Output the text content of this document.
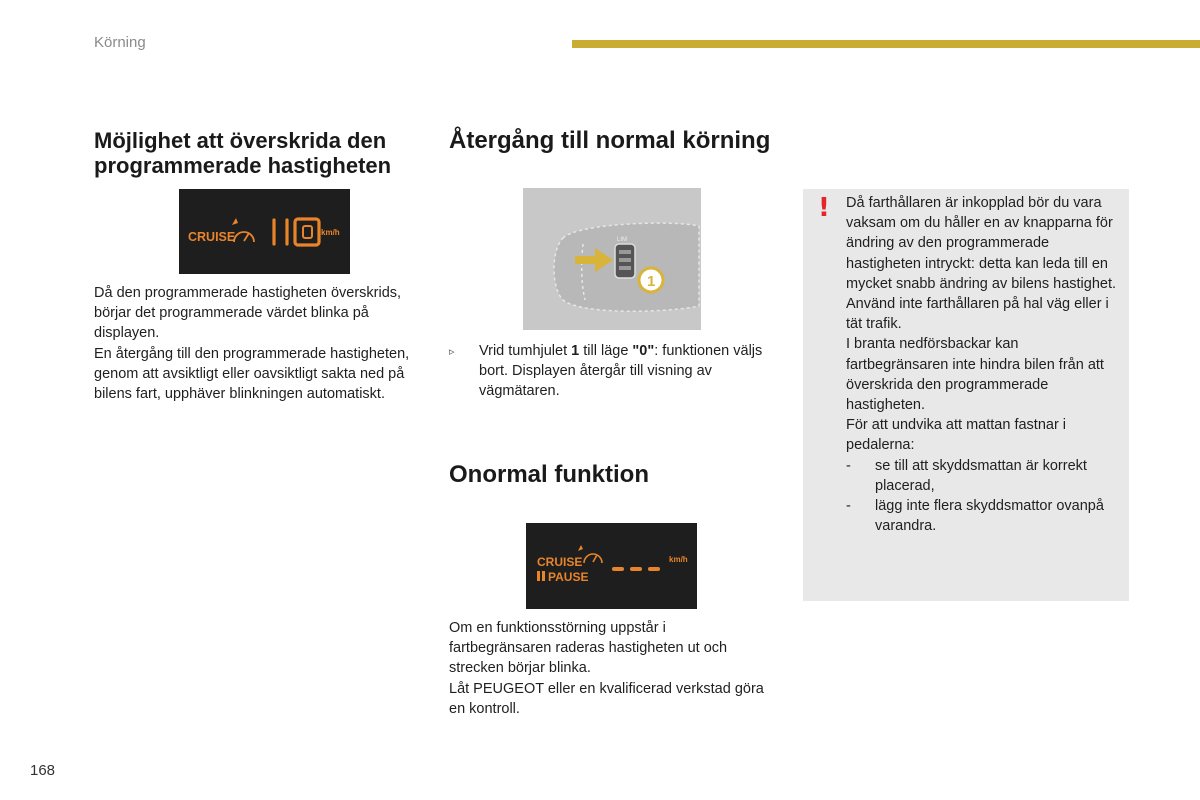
Körning
Möjlighet att överskrida den programmerade hastigheten
CRUISE
110
km/h

Då den programmerade hastigheten överskrids, börjar det programmerade värdet blinka på displayen.

En återgång till den programmerade hastigheten, genom att avsiktligt eller oavsiktligt sakta ned på bilens fart, upphäver blinkningen automatiskt.

Återgång till normal körning
LIM
1
▹ Vrid tumhjulet 1 till läge "0": funktionen väljs bort. Displayen återgår till visning av vägmätaren.
Onormal funktion
CRUISE
PAUSE
km/h

Om en funktionsstörning uppstår i fartbegränsaren raderas hastigheten ut och strecken börjar blinka.

Låt PEUGEOT eller en kvalificerad verkstad göra en kontroll.

! Då farthållaren är inkopplad bör du vara vaksam om du håller en av knapparna för ändring av den programmerade hastigheten intryckt: detta kan leda till en mycket snabb ändring av bilens hastighet.

Använd inte farthållaren på hal väg eller i tät trafik.

I branta nedförsbackar kan fartbegränsaren inte hindra bilen från att överskrida den programmerade hastigheten.

För att undvika att mattan fastnar i pedalerna:

-	se till att skyddsmattan är korrekt placerad,
-	lägg inte flera skyddsmattor ovanpå varandra.
168
